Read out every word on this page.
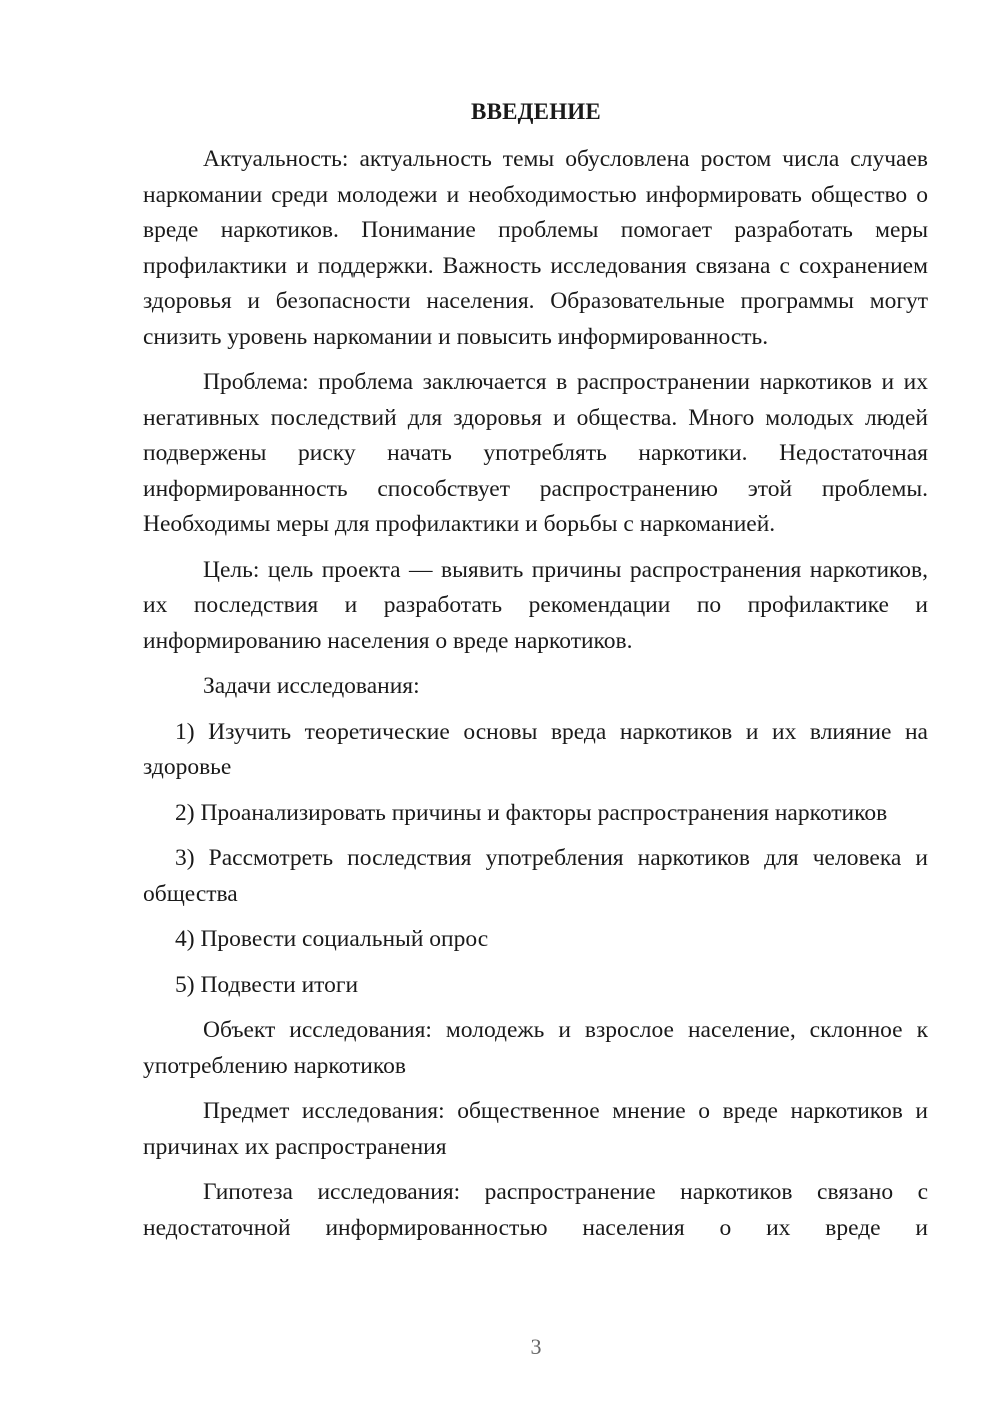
ВВЕДЕНИЕ

Актуальность: актуальность темы обусловлена ростом числа случаев наркомании среди молодежи и необходимостью информировать общество о вреде наркотиков. Понимание проблемы помогает разработать меры профилактики и поддержки. Важность исследования связана с сохранением здоровья и безопасности населения. Образовательные программы могут снизить уровень наркомании и повысить информированность.

Проблема: проблема заключается в распространении наркотиков и их негативных последствий для здоровья и общества. Много молодых людей подвержены риску начать употреблять наркотики. Недостаточная информированность способствует распространению этой проблемы. Необходимы меры для профилактики и борьбы с наркоманией.

Цель: цель проекта — выявить причины распространения наркотиков, их последствия и разработать рекомендации по профилактике и информированию населения о вреде наркотиков.

Задачи исследования:

1) Изучить теоретические основы вреда наркотиков и их влияние на здоровье

2) Проанализировать причины и факторы распространения наркотиков

3) Рассмотреть последствия употребления наркотиков для человека и общества

4) Провести социальный опрос

5) Подвести итоги

Объект исследования: молодежь и взрослое население, склонное к употреблению наркотиков

Предмет исследования: общественное мнение о вреде наркотиков и причинах их распространения

Гипотеза исследования: распространение наркотиков связано с недостаточной информированностью населения о их вреде и

3
